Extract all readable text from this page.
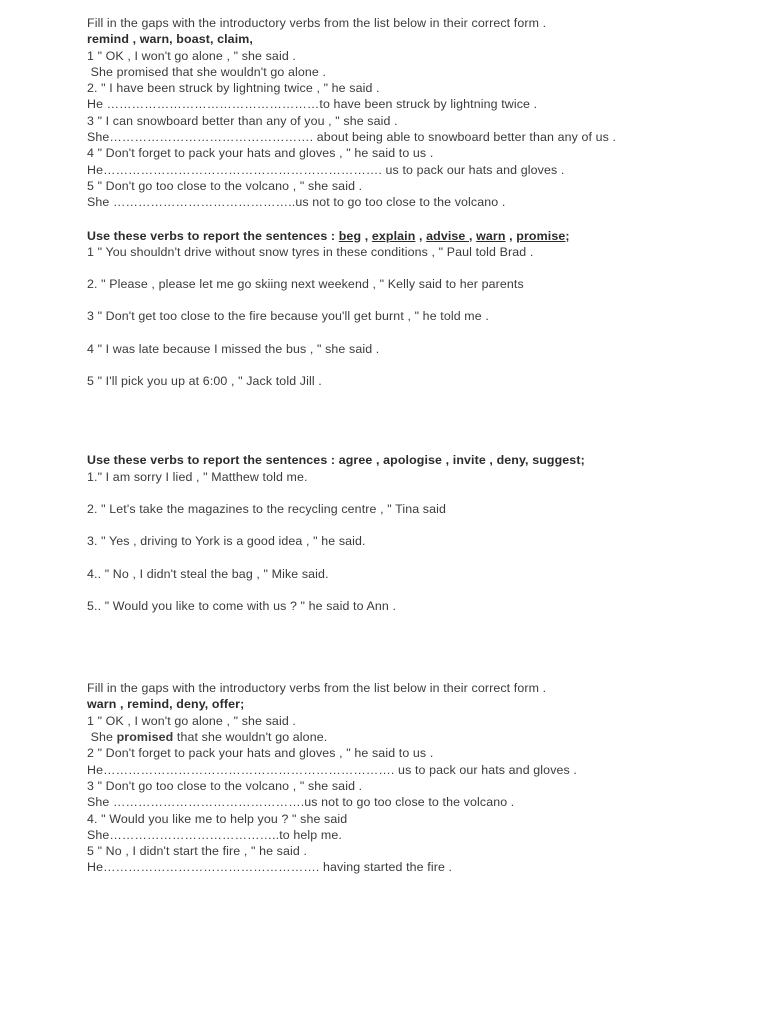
Fill in the gaps with the introductory verbs from the list below in their correct form .
remind , warn, boast, claim,
1 " OK , I won't go alone , " she said .
She promised that she wouldn't go alone .
2. " I have been struck by lightning twice , " he said .
He ……………………………………………to have been struck by lightning twice .
3 " I can snowboard better than any of you , " she said .
She…………………………………………. about being able to snowboard better than any of us .
4 " Don't forget to pack your hats and gloves , " he said to us .
He…………………………………………………………. us to pack our hats and gloves .
5 " Don't go too close to the volcano , " she said .
She ……………………………………..us not to go too close to the volcano .
Use these verbs to report the sentences : beg , explain , advise , warn , promise;
1 " You shouldn't drive without snow tyres in these conditions , " Paul told Brad .
2. " Please , please let me go skiing next weekend , " Kelly said to her parents
3 " Don't get too close to the fire because you'll get burnt , " he told me .
4 " I was late because I missed the bus , " she said .
5 " I'll pick you up at 6:00 , " Jack told Jill .
Use these verbs to report the sentences : agree , apologise , invite , deny, suggest;
1." I am sorry I lied , " Matthew told me.
2. " Let's take the magazines to the recycling centre , " Tina said
3. " Yes , driving to York is a good idea , " he said.
4.. " No , I didn't steal the bag , " Mike said.
5.. " Would you like to come with us ? " he said to Ann .
Fill in the gaps with the introductory verbs from the list below in their correct form .
warn , remind, deny, offer;
1 " OK , I won't go alone , " she said .
She promised that she wouldn't go alone.
2 " Don't forget to pack your hats and gloves , " he said to us .
He……………………………………………………………. us to pack our hats and gloves .
3 " Don't go too close to the volcano , " she said .
She ……………………………………….us not to go too close to the volcano .
4. " Would you like me to help you ? " she said
She…………………………………..to help me.
5 " No , I didn't start the fire , " he said .
He……………………………………………. having started the fire .
